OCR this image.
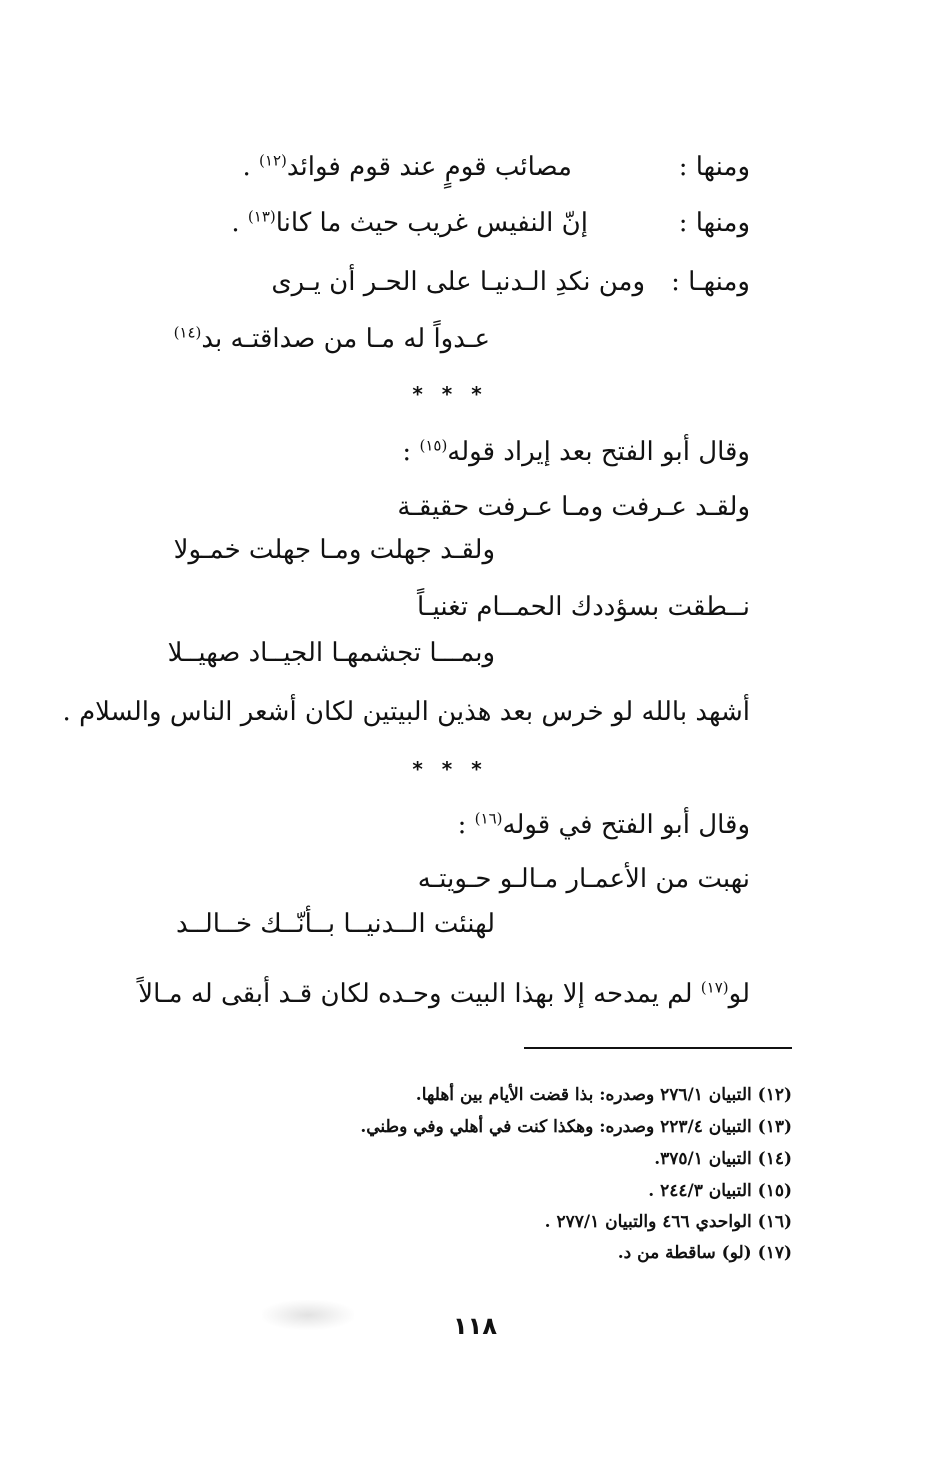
ومنها :
مصائب قومٍ عند قوم فوائد$^{(١٢)}$ .
ومنها :
إنّ النفيس غريب حيث ما كانا$^{(١٣)}$ .
ومنهـا :
ومن نكدِ الـدنيـا على الحـر أن يـرى
عـدواً له مـا من صداقتـه بد$^{(١٤)}$
* * *
وقال أبو الفتح بعد إيراد قوله$^{(١٥)}$ :
ولقـد عـرفت ومـا عـرفت حقيقـة
ولقـد جهلت ومـا جهلت خمـولا
نــطقت بسؤددك الحمــام تغنيـاً
وبمـــا تجشمهـا الجيــاد صهيــلا
أشهد بالله لو خرس بعد هذين البيتين لكان أشعر الناس والسلام .
* * *
وقال أبو الفتح في قوله$^{(١٦)}$ :
نهبت من الأعمـار مـالـو حـويتـه
لهنئت الــدنيــا بــأنّــك خــالــد
لو$^{(١٧)}$ لم يمدحه إلا بهذا البيت وحـده لكان قـد أبقى له مـالاً
(١٢) التبيان ٢٧٦/١ وصدره: بذا قضت الأيام بين أهلها.
(١٣) التبيان ٢٢٣/٤ وصدره: وهكذا كنت في أهلي وفي وطني.
(١٤) التبيان ٣٧٥/١.
(١٥) التبيان ٢٤٤/٣ .
(١٦) الواحدي ٤٦٦ والتبيان ٢٧٧/١ .
(١٧) (لو) ساقطة من د.
١١٨
